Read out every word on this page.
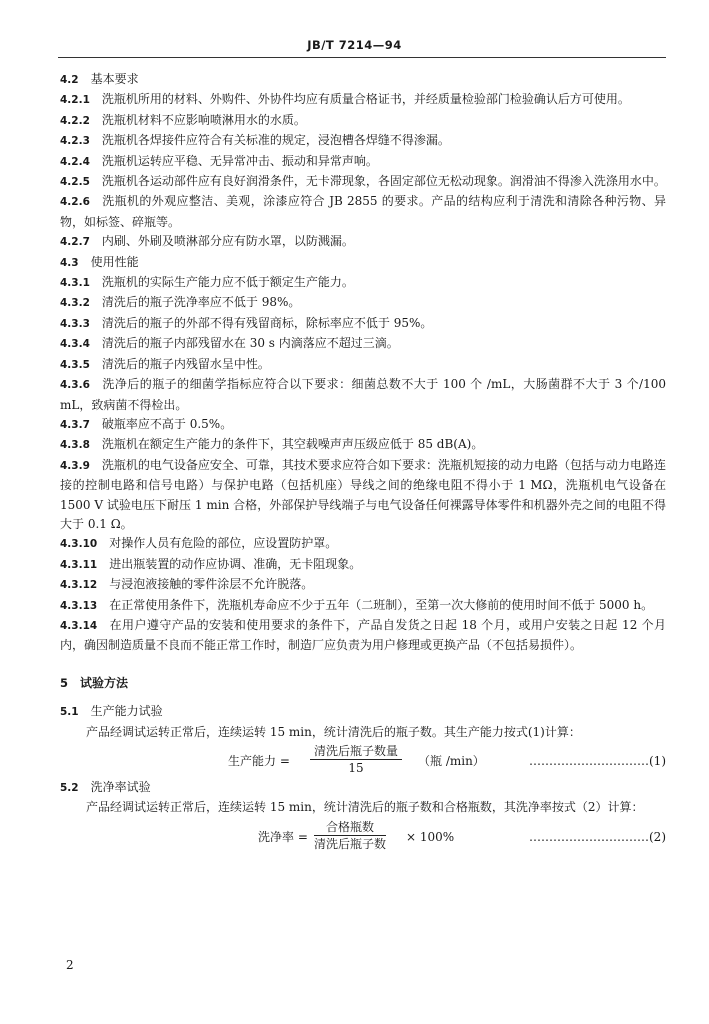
JB/T 7214—94

4.2 基本要求

4.2.1 洗瓶机所用的材料、外购件、外协件均应有质量合格证书，并经质量检验部门检验确认后方可使用。

4.2.2 洗瓶机材料不应影响喷淋用水的水质。

4.2.3 洗瓶机各焊接件应符合有关标准的规定，浸泡槽各焊缝不得渗漏。

4.2.4 洗瓶机运转应平稳、无异常冲击、振动和异常声响。

4.2.5 洗瓶机各运动部件应有良好润滑条件，无卡滞现象，各固定部位无松动现象。润滑油不得渗入洗涤用水中。

4.2.6 洗瓶机的外观应整洁、美观，涂漆应符合 JB 2855 的要求。产品的结构应利于清洗和清除各种污物、异物，如标签、碎瓶等。

4.2.7 内刷、外刷及喷淋部分应有防水罩，以防溅漏。

4.3 使用性能

4.3.1 洗瓶机的实际生产能力应不低于额定生产能力。

4.3.2 清洗后的瓶子洗净率应不低于 98%。

4.3.3 清洗后的瓶子的外部不得有残留商标，除标率应不低于 95%。

4.3.4 清洗后的瓶子内部残留水在 30 s 内滴落应不超过三滴。

4.3.5 清洗后的瓶子内残留水呈中性。

4.3.6 洗净后的瓶子的细菌学指标应符合以下要求：细菌总数不大于 100 个 /mL，大肠菌群不大于 3 个/100 mL，致病菌不得检出。

4.3.7 破瓶率应不高于 0.5%。

4.3.8 洗瓶机在额定生产能力的条件下，其空载噪声声压级应低于 85 dB(A)。

4.3.9 洗瓶机的电气设备应安全、可靠，其技术要求应符合如下要求：洗瓶机短接的动力电路（包括与动力电路连接的控制电路和信号电路）与保护电路（包括机座）导线之间的绝缘电阻不得小于 1 MΩ，洗瓶机电气设备在 1500 V 试验电压下耐压 1 min 合格，外部保护导线端子与电气设备任何裸露导体零件和机器外壳之间的电阻不得大于 0.1 Ω。

4.3.10 对操作人员有危险的部位，应设置防护罩。

4.3.11 进出瓶装置的动作应协调、准确，无卡阻现象。

4.3.12 与浸泡液接触的零件涂层不允许脱落。

4.3.13 在正常使用条件下，洗瓶机寿命应不少于五年（二班制），至第一次大修前的使用时间不低于 5000 h。

4.3.14 在用户遵守产品的安装和使用要求的条件下，产品自发货之日起 18 个月，或用户安装之日起 12 个月内，确因制造质量不良而不能正常工作时，制造厂应负责为用户修理或更换产品（不包括易损件）。

5 试验方法

5.1 生产能力试验

产品经调试运转正常后，连续运转 15 min，统计清洗后的瓶子数。其生产能力按式(1)计算：

生产能力 =
清洗后瓶子数量
15	（瓶 /min）	…………………………(1)

5.2 洗净率试验

产品经调试运转正常后，连续运转 15 min，统计清洗后的瓶子数和合格瓶数，其洗净率按式（2）计算：

洗净率 =
合格瓶数
清洗后瓶子数 × 100%	…………………………(2)
2
